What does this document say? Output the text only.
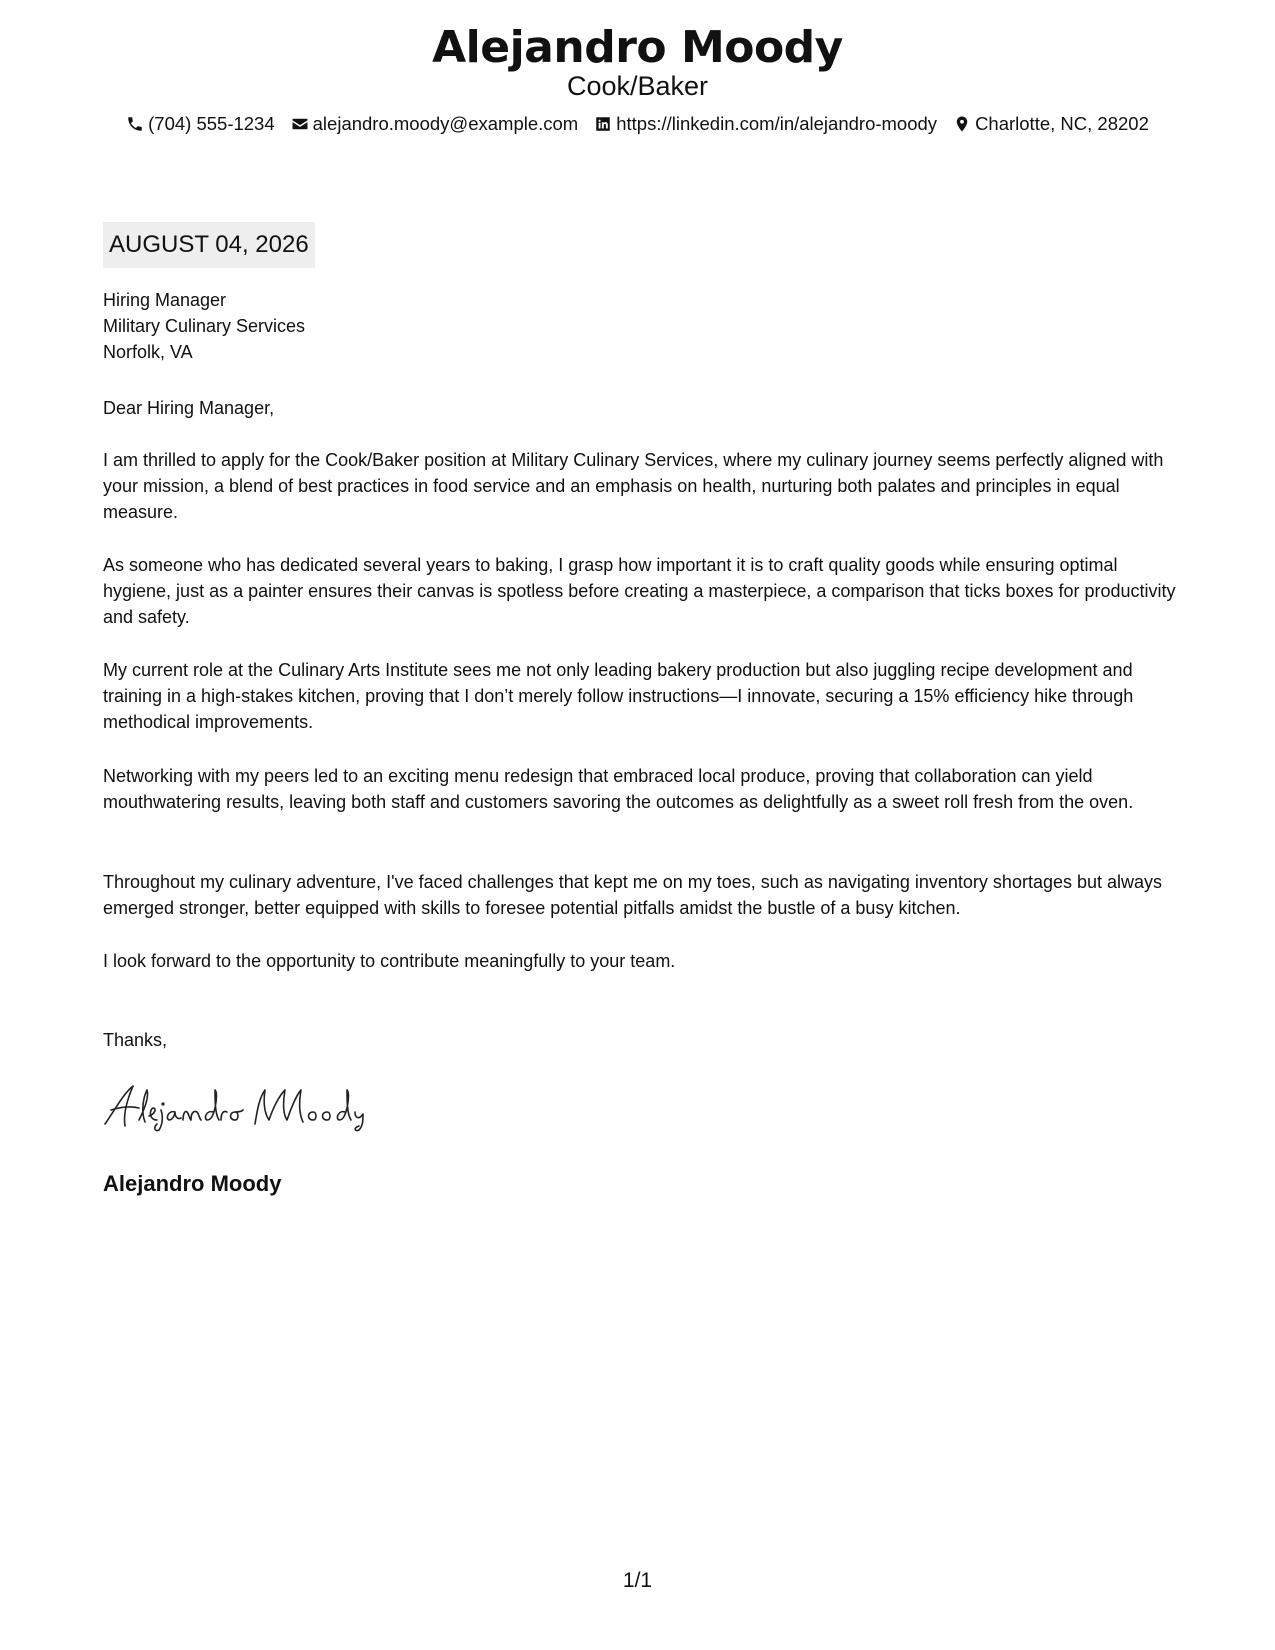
Alejandro Moody
Cook/Baker
(704) 555-1234 alejandro.moody@example.com https://linkedin.com/in/alejandro-moody Charlotte, NC, 28202
AUGUST 04, 2026
Hiring Manager
Military Culinary Services
Norfolk, VA
Dear Hiring Manager,

I am thrilled to apply for the Cook/Baker position at Military Culinary Services, where my culinary journey seems perfectly aligned with your mission, a blend of best practices in food service and an emphasis on health, nurturing both palates and principles in equal measure.

As someone who has dedicated several years to baking, I grasp how important it is to craft quality goods while ensuring optimal hygiene, just as a painter ensures their canvas is spotless before creating a masterpiece, a comparison that ticks boxes for productivity and safety.

My current role at the Culinary Arts Institute sees me not only leading bakery production but also juggling recipe development and training in a high-stakes kitchen, proving that I don’t merely follow instructions—I innovate, securing a 15% efficiency hike through methodical improvements.

Networking with my peers led to an exciting menu redesign that embraced local produce, proving that collaboration can yield mouthwatering results, leaving both staff and customers savoring the outcomes as delightfully as a sweet roll fresh from the oven.

Throughout my culinary adventure, I've faced challenges that kept me on my toes, such as navigating inventory shortages but always emerged stronger, better equipped with skills to foresee potential pitfalls amidst the bustle of a busy kitchen.

I look forward to the opportunity to contribute meaningfully to your team.

Thanks,
Alejandro Moody
1/1
